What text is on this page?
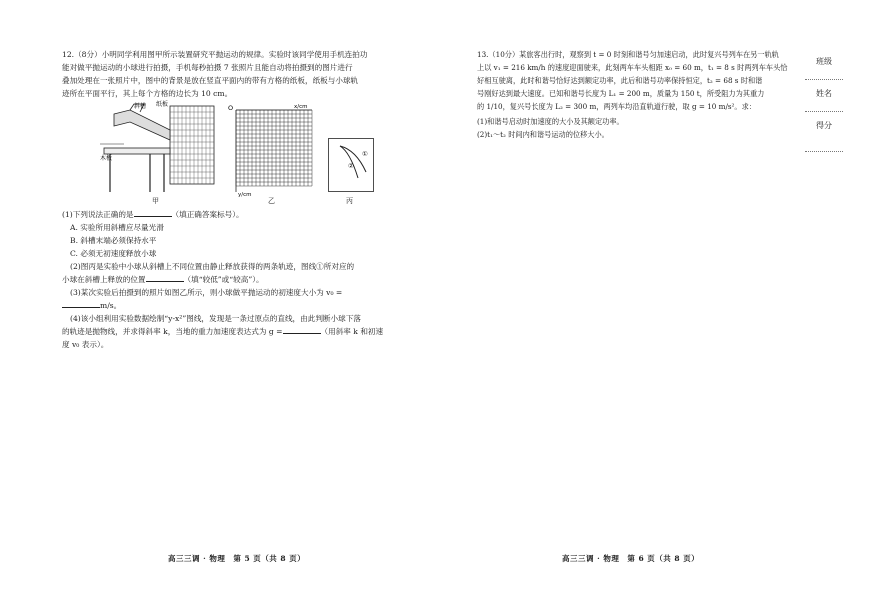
12.（8分）小明同学利用图甲所示装置研究平抛运动的规律。实验时该同学使用手机连拍功

能对做平抛运动的小球进行拍摄，手机每秒拍摄 7 张照片且能自动将拍摄到的图片进行

叠加处理在一张照片中，图中的背景是放在竖直平面内的带有方格的纸板，纸板与小球轨

迹所在平面平行，其上每个方格的边长为 10 cm。

斜槽 纸板
木板
甲
O	x/cm
y/cm
乙
①
②
丙

(1)下列说法正确的是	（填正确答案标号）。

A. 实验所用斜槽应尽量光滑

B. 斜槽末端必须保持水平

C. 必须无初速度释放小球

(2)图丙是实验中小球从斜槽上不同位置由静止释放获得的两条轨迹，图线①所对应的

小球在斜槽上释放的位置	（填“较低”或“较高”）。

(3)某次实验后拍摄到的照片如图乙所示，则小球做平抛运动的初速度大小为 v₀ =

m/s。

(4)该小组利用实验数据绘制“y-x²”图线，发现是一条过原点的直线，由此判断小球下落

的轨迹是抛物线，并求得斜率 k，当地的重力加速度表达式为 g =	（用斜率 k 和初速

度 v₀ 表示）。

高三三调 · 物理　第 5 页（共 8 页）

13.（10分）某旅客出行时，观察到 t = 0 时刻和谐号匀加速启动，此时复兴号列车在另一轨轨

上以 v₁ = 216 km/h 的速度迎面驶来，此刻两车车头相距 x₀ = 60 m，t₁ = 8 s 时两列车车头恰

好相互驶离，此时和谐号恰好达到额定功率，此后和谐号功率保持恒定，t₂ = 68 s 时和谐

号刚好达到最大速度。已知和谐号长度为 L₁ = 200 m，质量为 150 t，所受阻力为其重力

的 1/10，复兴号长度为 L₂ = 300 m，两列车均沿直轨道行驶，取 g = 10 m/s²。求：

(1)和谐号启动时加速度的大小及其额定功率。

(2)t₁～t₂ 时间内和谐号运动的位移大小。

高三三调 · 物理　第 6 页（共 8 页）
班级
姓名
得分
